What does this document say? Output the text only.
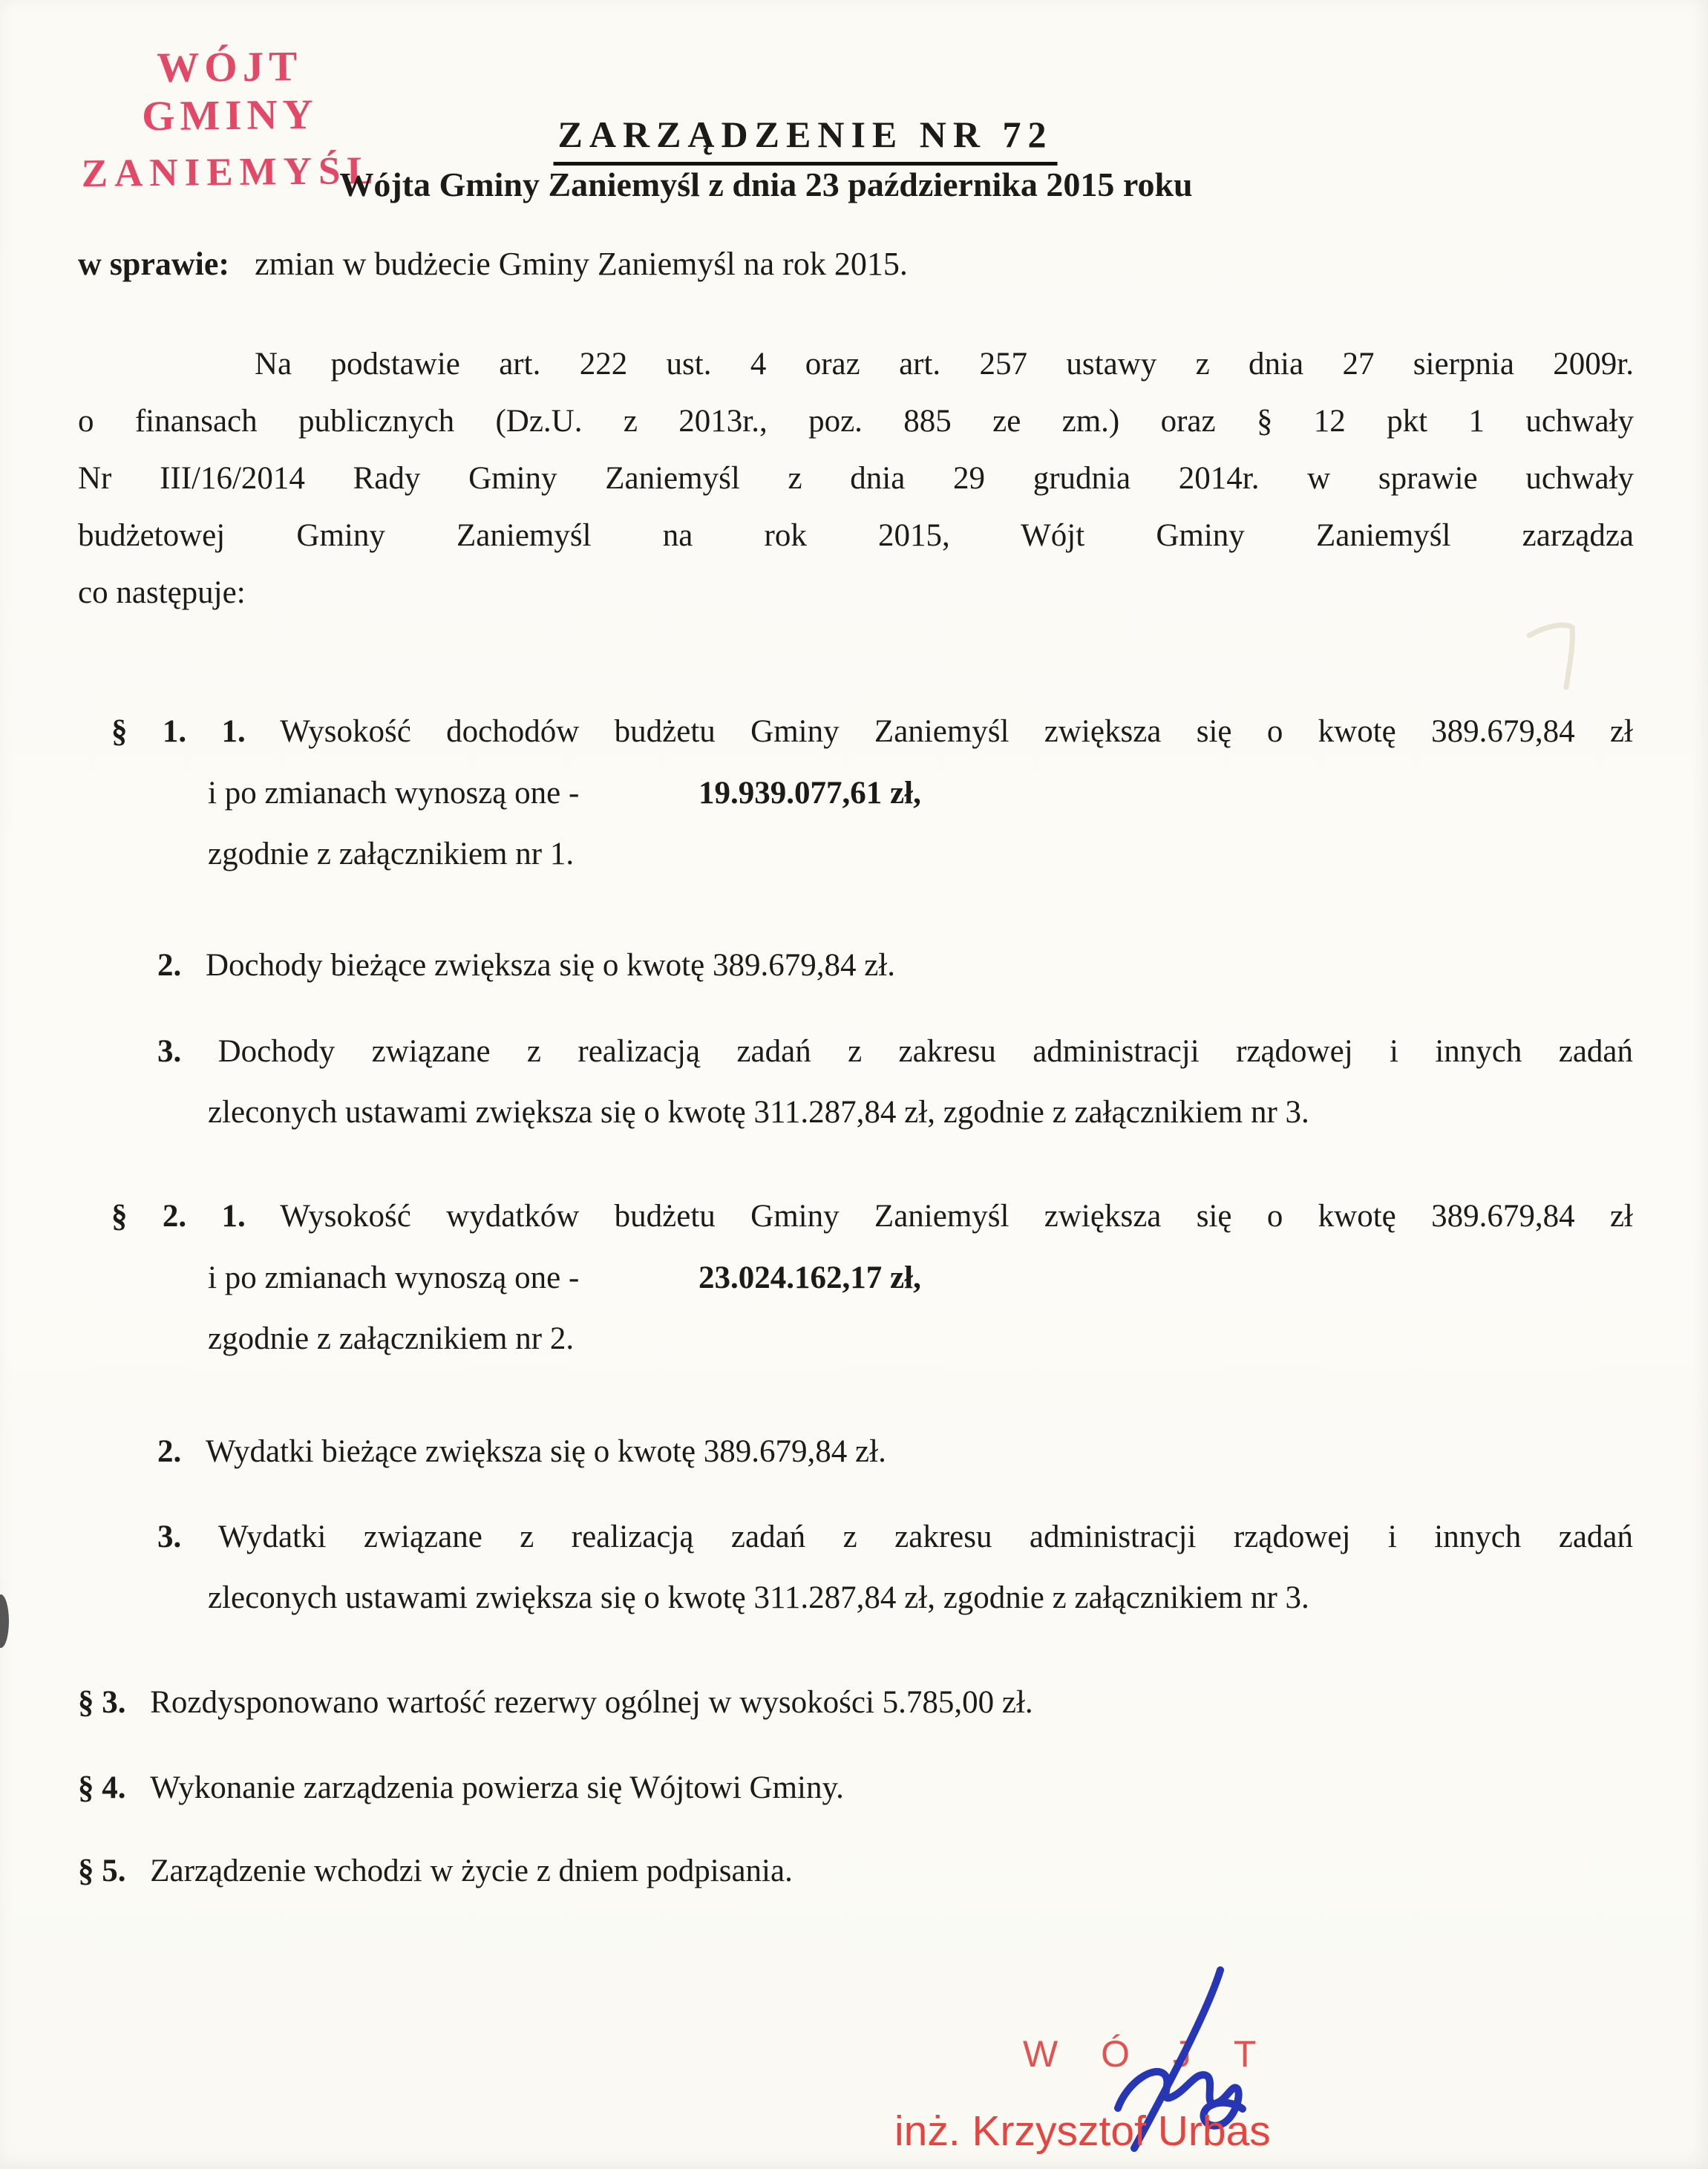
WÓJT GMINY
ZANIEMYŚL
ZARZĄDZENIE NR 72
Wójta Gminy Zaniemyśl z dnia 23 października 2015 roku
w sprawie: zmian w budżecie Gminy Zaniemyśl na rok 2015.

Na podstawie art. 222 ust. 4 oraz art. 257 ustawy z dnia 27 sierpnia 2009r.

o finansach publicznych (Dz.U. z 2013r., poz. 885 ze zm.) oraz § 12 pkt 1 uchwały

Nr III/16/2014 Rady Gminy Zaniemyśl z dnia 29 grudnia 2014r. w sprawie uchwały

budżetowej Gminy Zaniemyśl na rok 2015, Wójt Gminy Zaniemyśl zarządza

co następuje:

§ 1. 1. Wysokość dochodów budżetu Gminy Zaniemyśl zwiększa się o kwotę 389.679,84 zł
i po zmianach wynoszą one -	19.939.077,61 zł,
zgodnie z załącznikiem nr 1.
2. Dochody bieżące zwiększa się o kwotę 389.679,84 zł.
3. Dochody związane z realizacją zadań z zakresu administracji rządowej i innych zadań
zleconych ustawami zwiększa się o kwotę 311.287,84 zł, zgodnie z załącznikiem nr 3.
§ 2. 1. Wysokość wydatków budżetu Gminy Zaniemyśl zwiększa się o kwotę 389.679,84 zł
i po zmianach wynoszą one -	23.024.162,17 zł,
zgodnie z załącznikiem nr 2.
2. Wydatki bieżące zwiększa się o kwotę 389.679,84 zł.
3. Wydatki związane z realizacją zadań z zakresu administracji rządowej i innych zadań
zleconych ustawami zwiększa się o kwotę 311.287,84 zł, zgodnie z załącznikiem nr 3.
§ 3. Rozdysponowano wartość rezerwy ogólnej w wysokości 5.785,00 zł.
§ 4. Wykonanie zarządzenia powierza się Wójtowi Gminy.
§ 5. Zarządzenie wchodzi w życie z dniem podpisania.
W Ó J T
inż. Krzysztof Urbas
